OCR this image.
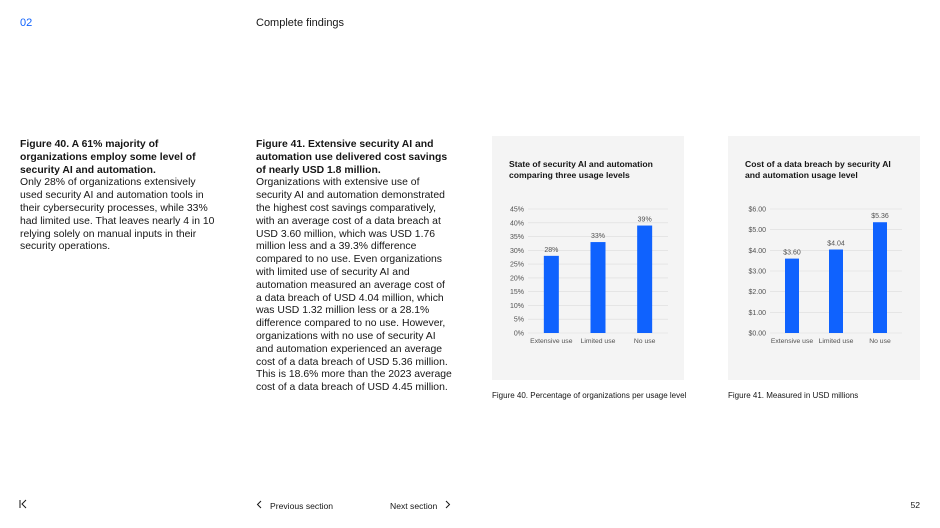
02	Complete findings
Figure 40. A 61% majority of organizations employ some level of security AI and automation.
Only 28% of organizations extensively used security AI and automation tools in their cybersecurity processes, while 33% had limited use. That leaves nearly 4 in 10 relying solely on manual inputs in their security operations.
Figure 41. Extensive security AI and automation use delivered cost savings of nearly USD 1.8 million.
Organizations with extensive use of security AI and automation demonstrated the highest cost savings comparatively, with an average cost of a data breach at USD 3.60 million, which was USD 1.76 million less and a 39.3% difference compared to no use. Even organizations with limited use of security AI and automation measured an average cost of a data breach of USD 4.04 million, which was USD 1.32 million less or a 28.1% difference compared to no use. However, organizations with no use of security AI and automation experienced an average cost of a data breach of USD 5.36 million. This is 18.6% more than the 2023 average cost of a data breach of USD 4.45 million.
State of security AI and automation comparing three usage levels
0%
5%
10%
15%
20%
25%
30%
35%
40%
45%
28%
Extensive use
33%
Limited use
39%
No use
Figure 40. Percentage of organizations per usage level
Cost of a data breach by security AI and automation usage level
$0.00
$1.00
$2.00
$3.00
$4.00
$5.00
$6.00
$3.60
Extensive use
$4.04
Limited use
$5.36
No use
Figure 41. Measured in USD millions
Previous section	Next section	52
